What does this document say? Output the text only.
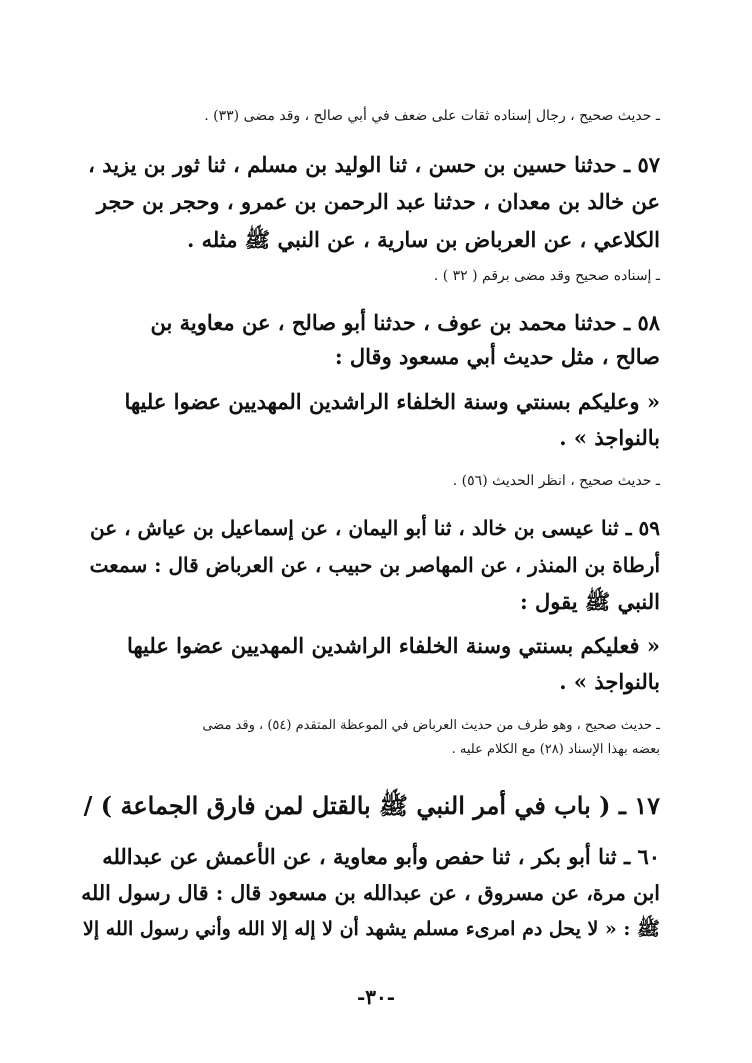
ـ حديث صحيح ، رجال إسناده ثقات على ضعف في أبي صالح ، وقد مضى (٣٣) .
٥٧ ـ حدثنا حسين بن حسن ، ثنا الوليد بن مسلم ، ثنا ثور بن يزيد ،
عن خالد بن معدان ، حدثنا عبد الرحمن بن عمرو ، وحجر بن حجر
الكلاعي ، عن العرباض بن سارية ، عن النبي ﷺ مثله .
ـ إسناده صحيح وقد مضى برقم ( ٣٢ ) .
٥٨ ـ حدثنا محمد بن عوف ، حدثنا أبو صالح ، عن معاوية بن
صالح ، مثل حديث أبي مسعود وقال :
« وعليكم بسنتي وسنة الخلفاء الراشدين المهديين عضوا عليها
بالنواجذ » .
ـ حديث صحيح ، انظر الحديث (٥٦) .
٥٩ ـ ثنا عيسى بن خالد ، ثنا أبو اليمان ، عن إسماعيل بن عياش ، عن
أرطاة بن المنذر ، عن المهاصر بن حبيب ، عن العرباض قال : سمعت
النبي ﷺ يقول :
« فعليكم بسنتي وسنة الخلفاء الراشدين المهديين عضوا عليها
بالنواجذ » .
ـ حديث صحيح ، وهو طرف من حديث العرباض في الموعظة المتقدم (٥٤) ، وقد مضى
بعضه بهذا الإسناد (٢٨) مع الكلام عليه .
١٧ ـ ( باب في أمر النبي ﷺ بالقتل لمن فارق الجماعة ) /
٦٠ ـ ثنا أبو بكر ، ثنا حفص وأبو معاوية ، عن الأعمش عن عبدالله
ابن مرة، عن مسروق ، عن عبدالله بن مسعود قال : قال رسول الله
ﷺ : « لا يحل دم امرىء مسلم يشهد أن لا إله إلا الله وأني رسول الله إلا
-٣٠-
